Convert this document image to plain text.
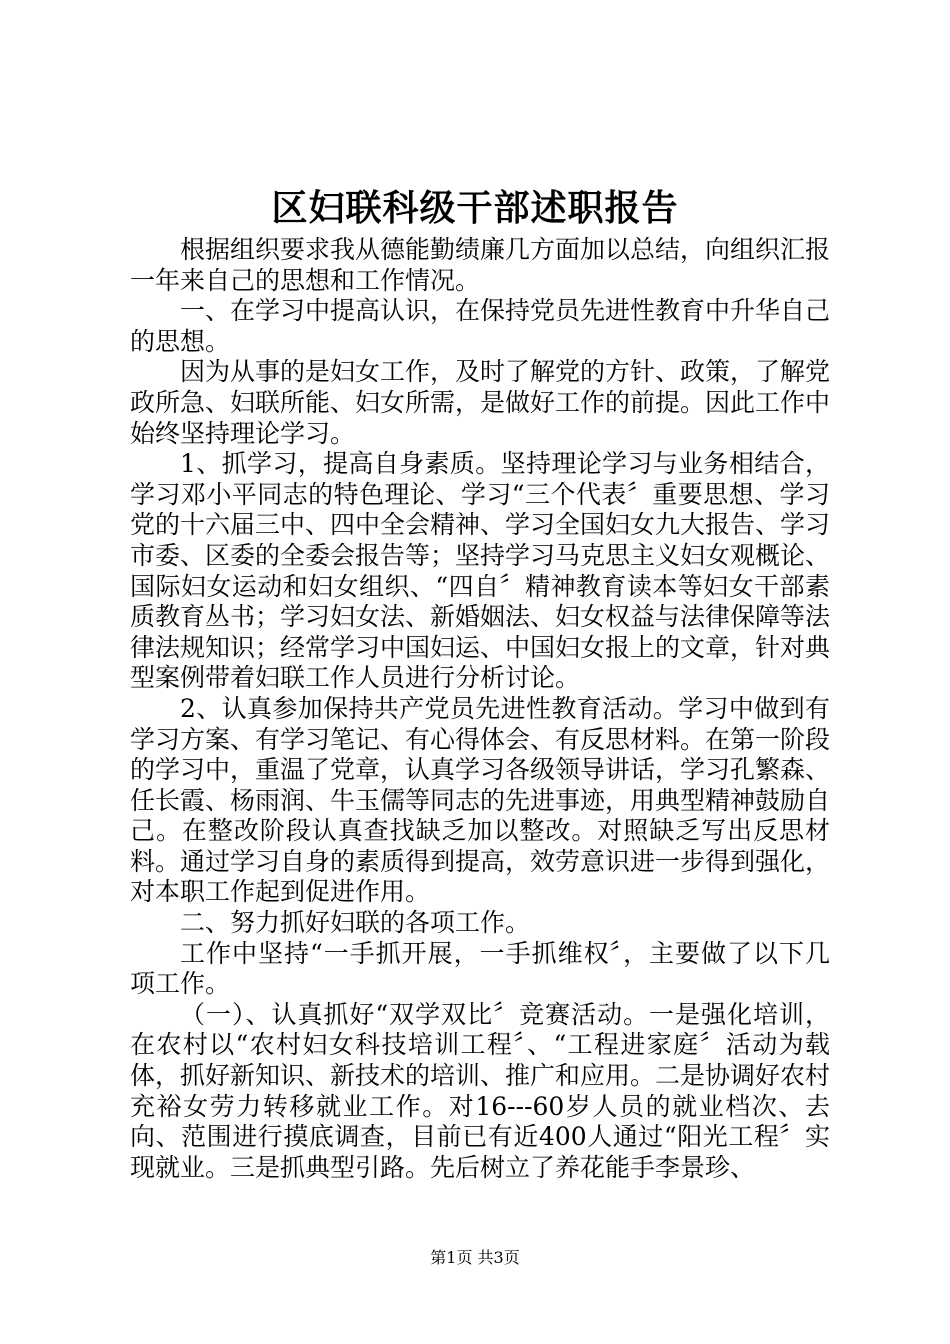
区妇联科级干部述职报告

根据组织要求我从德能勤绩廉几方面加以总结，向组织汇报一年来自己的思想和工作情况。

一、在学习中提高认识，在保持党员先进性教育中升华自己的思想。

因为从事的是妇女工作，及时了解党的方针、政策，了解党政所急、妇联所能、妇女所需，是做好工作的前提。因此工作中始终坚持理论学习。

1、抓学习，提高自身素质。坚持理论学习与业务相结合，学习邓小平同志的特色理论、学习“三个代表〞重要思想、学习党的十六届三中、四中全会精神、学习全国妇女九大报告、学习市委、区委的全委会报告等；坚持学习马克思主义妇女观概论、国际妇女运动和妇女组织、“四自〞精神教育读本等妇女干部素质教育丛书；学习妇女法、新婚姻法、妇女权益与法律保障等法律法规知识；经常学习中国妇运、中国妇女报上的文章，针对典型案例带着妇联工作人员进行分析讨论。

2、认真参加保持共产党员先进性教育活动。学习中做到有学习方案、有学习笔记、有心得体会、有反思材料。在第一阶段的学习中，重温了党章，认真学习各级领导讲话，学习孔繁森、任长霞、杨雨润、牛玉儒等同志的先进事迹，用典型精神鼓励自己。在整改阶段认真查找缺乏加以整改。对照缺乏写出反思材料。通过学习自身的素质得到提高，效劳意识进一步得到强化，对本职工作起到促进作用。

二、努力抓好妇联的各项工作。

工作中坚持“一手抓开展，一手抓维权〞，主要做了以下几项工作。

（一）、认真抓好“双学双比〞竞赛活动。一是强化培训，在农村以“农村妇女科技培训工程〞、“工程进家庭〞活动为载体，抓好新知识、新技术的培训、推广和应用。二是协调好农村充裕女劳力转移就业工作。对16---60岁人员的就业档次、去向、范围进行摸底调查，目前已有近400人通过“阳光工程〞实现就业。三是抓典型引路。先后树立了养花能手李景珍、

第1页 共3页
